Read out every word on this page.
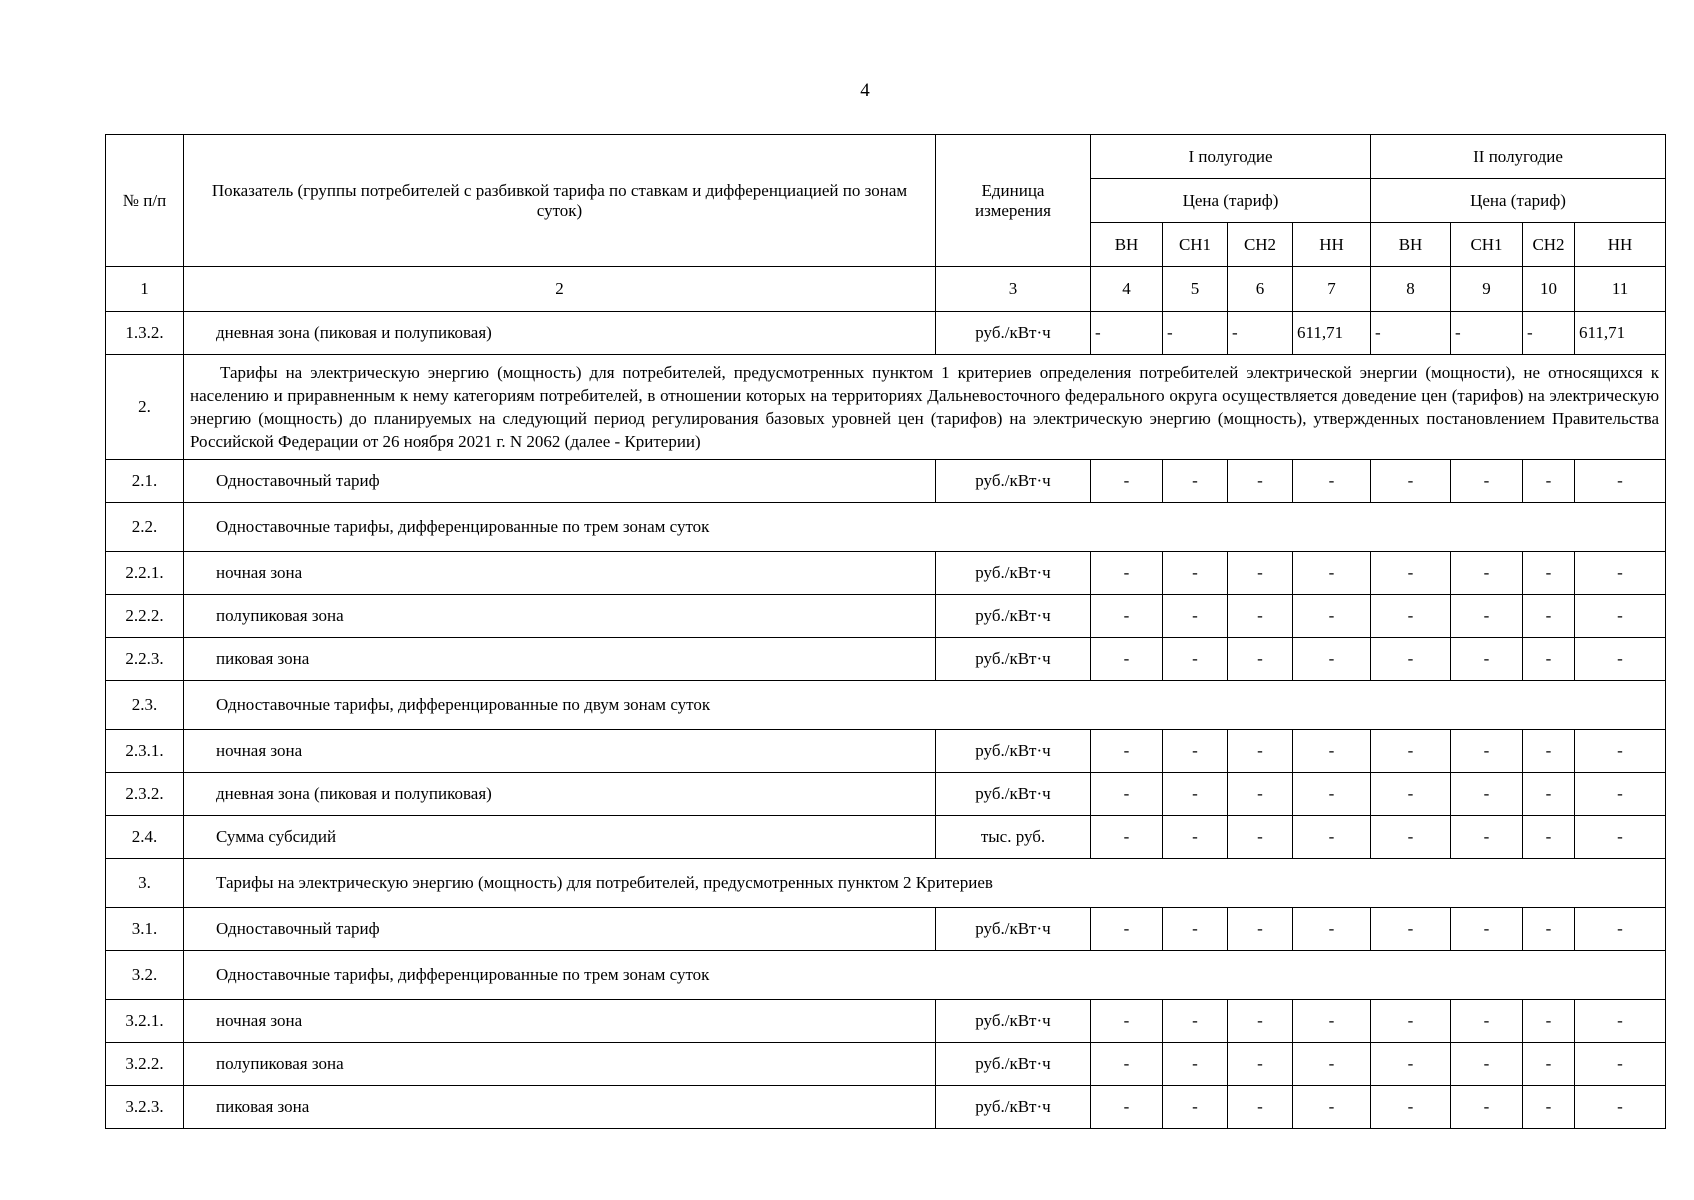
4
№ п/п	Показатель (группы потребителей с разбивкой тарифа по ставкам и дифференциацией по зонам суток)	Единица измерения	I полугодие				II полугодие			
			Цена (тариф)				Цена (тариф)			
			ВН	СН1	СН2	НН	ВН	СН1	СН2	НН
1	2	3	4	5	6	7	8	9	10	11
1.3.2.	дневная зона (пиковая и полупиковая)	руб./кВт·ч	-	-	-	611,71	-	-	-	611,71
2.	Тарифы на электрическую энергию (мощность) для потребителей, предусмотренных пунктом 1 критериев определения потребителей электрической энергии (мощности), не относящихся к населению и приравненным к нему категориям потребителей, в отношении которых на территориях Дальневосточного федерального округа осуществляется доведение цен (тарифов) на электрическую энергию (мощность) до планируемых на следующий период регулирования базовых уровней цен (тарифов) на электрическую энергию (мощность), утвержденных постановлением Правительства Российской Федерации от 26 ноября 2021 г. N 2062 (далее - Критерии)									
2.1.	Одноставочный тариф	руб./кВт·ч	-	-	-	-	-	-	-	-
2.2.	Одноставочные тарифы, дифференцированные по трем зонам суток									
2.2.1.	ночная зона	руб./кВт·ч	-	-	-	-	-	-	-	-
2.2.2.	полупиковая зона	руб./кВт·ч	-	-	-	-	-	-	-	-
2.2.3.	пиковая зона	руб./кВт·ч	-	-	-	-	-	-	-	-
2.3.	Одноставочные тарифы, дифференцированные по двум зонам суток									
2.3.1.	ночная зона	руб./кВт·ч	-	-	-	-	-	-	-	-
2.3.2.	дневная зона (пиковая и полупиковая)	руб./кВт·ч	-	-	-	-	-	-	-	-
2.4.	Сумма субсидий	тыс. руб.	-	-	-	-	-	-	-	-
3.	Тарифы на электрическую энергию (мощность) для потребителей, предусмотренных пунктом 2 Критериев									
3.1.	Одноставочный тариф	руб./кВт·ч	-	-	-	-	-	-	-	-
3.2.	Одноставочные тарифы, дифференцированные по трем зонам суток									
3.2.1.	ночная зона	руб./кВт·ч	-	-	-	-	-	-	-	-
3.2.2.	полупиковая зона	руб./кВт·ч	-	-	-	-	-	-	-	-
3.2.3.	пиковая зона	руб./кВт·ч	-	-	-	-	-	-	-	-
